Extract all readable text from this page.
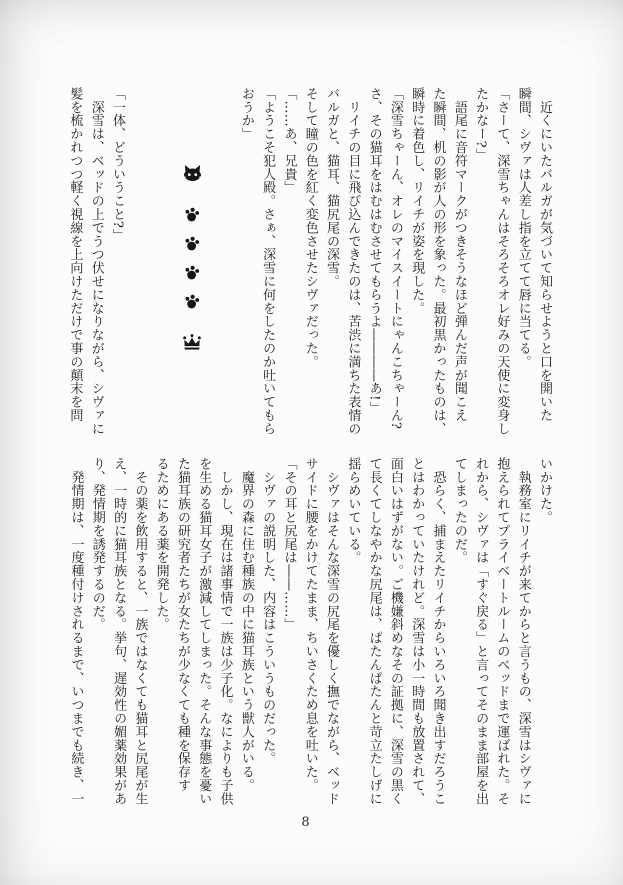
　近くにいたバルガが気づいて知らせようと口を開いた
瞬間、シヴァは人差し指を立てて唇に当てる。
「さーて、深雪ちゃんはそろそろオレ好みの天使に変身し
たかなー?」
　語尾に音符マークがつきそうなほど弾んだ声が聞こえ
た瞬間、机の影が人の形を象った。最初黒かったものは、
瞬時に着色し、リイチが姿を現した。
「深雪ちゃーん、オレのマイスイートにゃんこちゃーん?
さ、その猫耳をはむはむさせてもらうよ――――あ!」
　リイチの目に飛び込んできたのは、苦渋に満ちた表情の
バルガと、猫耳、猫尻尾の深雪。
そして瞳の色を紅く変色させたシヴァだった。
「……あ、兄貴」
「ようこそ犯人殿。さぁ、深雪に何をしたのか吐いてもら
おうか」
「一体、どういうこと?」
　深雪は、ベッドの上でうつ伏せになりながら、シヴァに
髪を梳かれつつ軽く視線を上向けただけで事の顛末を問
いかけた。
　執務室にリイチが来てからと言うもの、深雪はシヴァに
抱えられてプライベートルームのベッドまで運ばれた。そ
れから、シヴァは「すぐ戻る」と言ってそのまま部屋を出
てしまったのだ。
　恐らく、捕まえたリイチからいろいろ聞き出すだろうこ
とはわかっていたけれど。深雪は小一時間も放置されて、
面白いはずがない。ご機嫌斜めなその証拠に、深雪の黒く
て長くてしなやかな尻尾は、ぱたんぱたんと苛立たしげに
揺らめいている。
　シヴァはそんな深雪の尻尾を優しく撫でながら、ベッド
サイドに腰をかけてたまま、ちいさくため息を吐いた。
「その耳と尻尾は――……」
　シヴァの説明した、内容はこういうものだった。
　魔界の森に住む種族の中に猫耳族という獣人がいる。
　しかし、現在は諸事情で一族は少子化。なによりも子供
を生める猫耳女子が激減してしまった。そんな事態を憂い
た猫耳族の研究者たちが女たちが少なくても種を保存す
るためにある薬を開発した。
　その薬を飲用すると、一族ではなくても猫耳と尻尾が生
え、一時的に猫耳族となる。挙句、遅効性の媚薬効果があ
り、発情期を誘発するのだ。
　発情期は、一度種付けされるまで、いつまでも続き、一
8
